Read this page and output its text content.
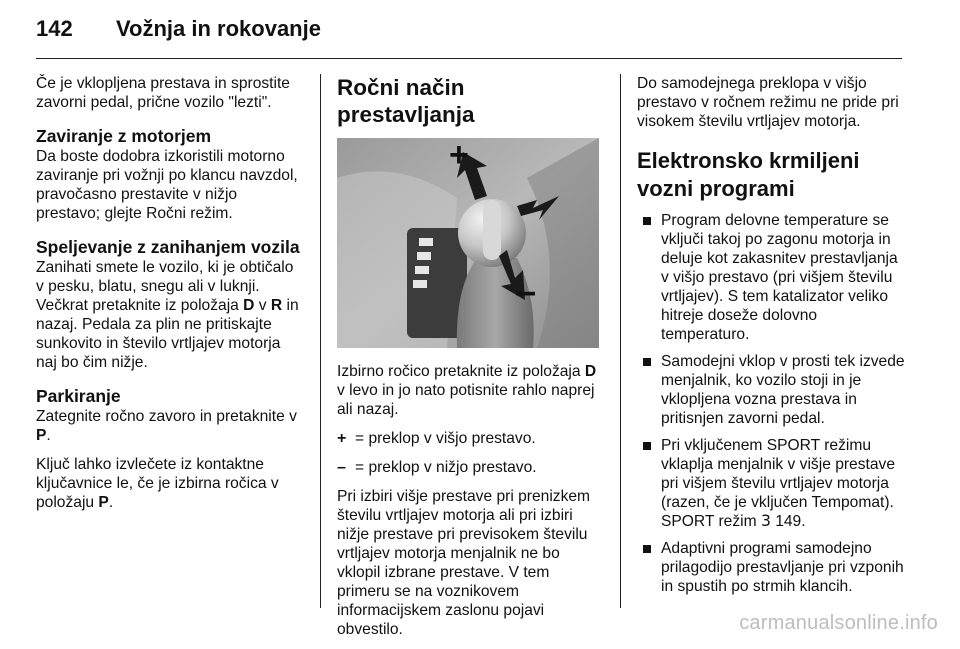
142	Vožnja in rokovanje

Če je vklopljena prestava in sprostite zavorni pedal, prične vozilo "lezti".

Zaviranje z motorjem

Da boste dodobra izkoristili motorno zaviranje pri vožnji po klancu navzdol, pravočasno prestavite v nižjo prestavo; glejte Ročni režim.

Speljevanje z zanihanjem vozila

Zanihati smete le vozilo, ki je obtičalo v pesku, blatu, snegu ali v luknji. Večkrat pretaknite iz položaja D v R in nazaj. Pedala za plin ne pritiskajte sunkovito in število vrtljajev motorja naj bo čim nižje.

Parkiranje

Zategnite ročno zavoro in pretaknite v P.

Ključ lahko izvlečete iz kontaktne ključavnice le, če je izbirna ročica v položaju P.

Ročni način prestavljanja
+
–

Izbirno ročico pretaknite iz položaja D v levo in jo nato potisnite rahlo naprej ali nazaj.

+ = preklop v višjo prestavo.
– = preklop v nižjo prestavo.

Pri izbiri višje prestave pri prenizkem številu vrtljajev motorja ali pri izbiri nižje prestave pri previsokem številu vrtljajev motorja menjalnik ne bo vklopil izbrane prestave. V tem primeru se na voznikovem informacijskem zaslonu pojavi obvestilo.

Do samodejnega preklopa v višjo prestavo v ročnem režimu ne pride pri visokem številu vrtljajev motorja.

Elektronsko krmiljeni vozni programi
Program delovne temperature se vključi takoj po zagonu motorja in deluje kot zakasnitev prestavljanja v višjo prestavo (pri višjem številu vrtljajev). S tem katalizator veliko hitreje doseže dolovno temperaturo.
Samodejni vklop v prosti tek izvede menjalnik, ko vozilo stoji in je vklopljena vozna prestava in pritisnjen zavorni pedal.
Pri vključenem SPORT režimu vklaplja menjalnik v višje prestave pri višjem številu vrtljajev motorja (razen, če je vključen Tempomat). SPORT režim 3 149.
Adaptivni programi samodejno prilagodijo prestavljanje pri vzponih in spustih po strmih klancih.
carmanualsonline.info
